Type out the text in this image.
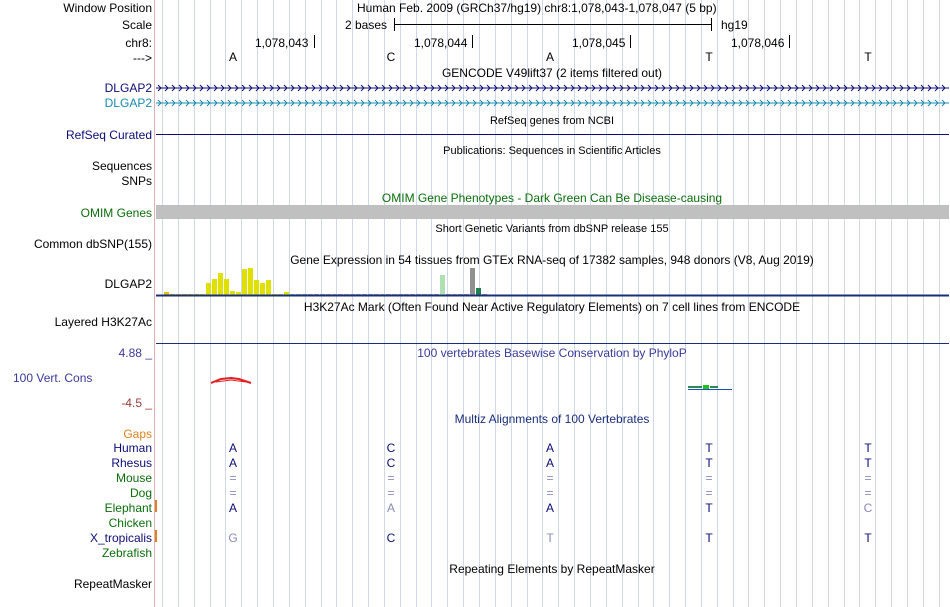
Window Position	Human Feb. 2009 (GRCh37/hg19) chr8:1,078,043-1,078,047 (5 bp)
Scale	2 bases	hg19
chr8:	1,078,043	1,078,044	1,078,045	1,078,046
--->	A	C	A	T	T
GENCODE V49lift37 (2 items filtered out)
DLGAP2
DLGAP2
RefSeq genes from NCBI
RefSeq Curated
Publications: Sequences in Scientific Articles
Sequences
SNPs
OMIM Gene Phenotypes - Dark Green Can Be Disease-causing
OMIM Genes
Short Genetic Variants from dbSNP release 155
Common dbSNP(155)
Gene Expression in 54 tissues from GTEx RNA-seq of 17382 samples, 948 donors (V8, Aug 2019)
DLGAP2
H3K27Ac Mark (Often Found Near Active Regulatory Elements) on 7 cell lines from ENCODE
Layered H3K27Ac
4.88 _	100 vertebrates Basewise Conservation by PhyloP
100 Vert. Cons
-4.5 _
Multiz Alignments of 100 Vertebrates
Gaps
Human	A	C	A	T	T
Rhesus	A	C	A	T	T
Mouse	=	=	=	=	=
Dog	=	=	=	=	=
Elephant	A	A	A	T	C
Chicken
X_tropicalis	G	C	T	T	T
Zebrafish
Repeating Elements by RepeatMasker
RepeatMasker
